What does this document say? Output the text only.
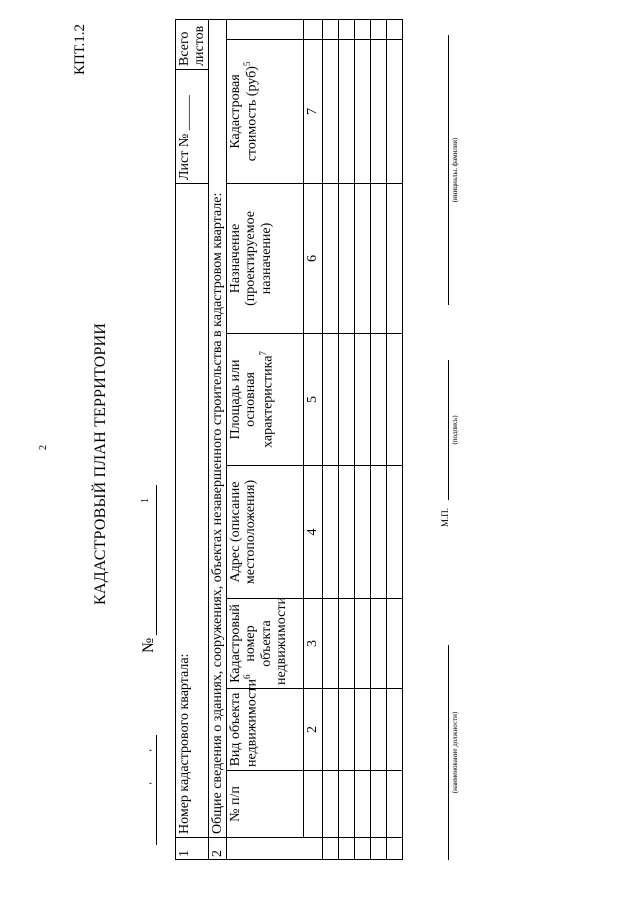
КПТ.1.2
2	КАДАСТРОВЫЙ ПЛАН ТЕРРИТОРИИ
‘
‘
№
1
1	Номер кадастрового квартала:						Лист № _____	Всего листов	
2	Общие сведения о зданиях, сооружениях, объектах незавершенного строительства в кадастровом квартале:								
	№ п/п	Вид объекта недвижимости$^6$	Кадастровый номер объекта недвижимости	Адрес (описание местоположения)	Площадь или основная характеристика$^7$	Назначение (проектируемое назначение)	Кадастровая стоимость (руб)$^5$	
		2	3	4	5	6	7		

(наименование должности)
М.П.
(подпись)
(инициалы, фамилия)
